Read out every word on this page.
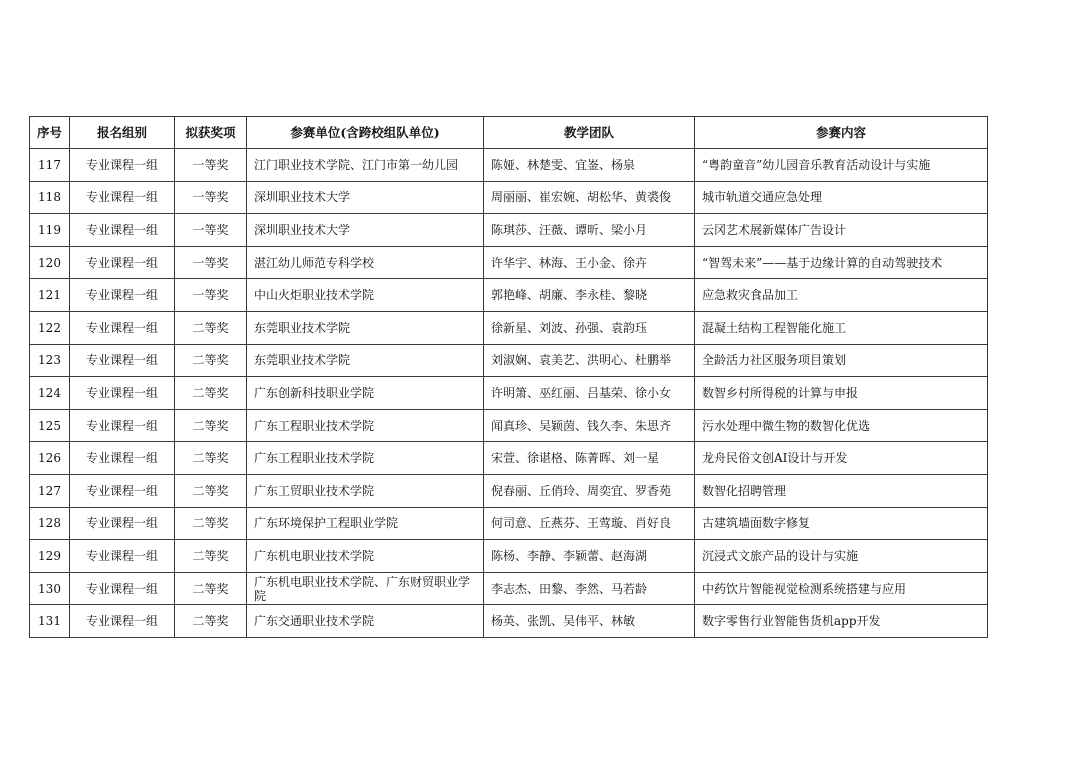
序号	报名组别	拟获奖项	参赛单位(含跨校组队单位)	教学团队	参赛内容
117	专业课程一组	一等奖	江门职业技术学院、江门市第一幼儿园	陈娅、林楚雯、宜崟、杨泉	“粤韵童音”幼儿园音乐教育活动设计与实施
118	专业课程一组	一等奖	深圳职业技术大学	周丽丽、崔宏婉、胡松华、黄裘俊	城市轨道交通应急处理
119	专业课程一组	一等奖	深圳职业技术大学	陈琪莎、汪薇、谭昕、梁小月	云冈艺术展新媒体广告设计
120	专业课程一组	一等奖	湛江幼儿师范专科学校	许华宇、林海、王小金、徐卉	“智驾未来”——基于边缘计算的自动驾驶技术
121	专业课程一组	一等奖	中山火炬职业技术学院	郭艳峰、胡廉、李永桂、黎晓	应急救灾食品加工
122	专业课程一组	二等奖	东莞职业技术学院	徐新星、刘波、孙强、袁韵珏	混凝土结构工程智能化施工
123	专业课程一组	二等奖	东莞职业技术学院	刘淑娴、袁美艺、洪明心、杜鹏举	全龄活力社区服务项目策划
124	专业课程一组	二等奖	广东创新科技职业学院	许明箫、巫红丽、吕基荣、徐小女	数智乡村所得税的计算与申报
125	专业课程一组	二等奖	广东工程职业技术学院	闻真珍、吴颖茵、钱久李、朱思齐	污水处理中微生物的数智化优选
126	专业课程一组	二等奖	广东工程职业技术学院	宋萱、徐谌格、陈菁晖、刘一星	龙舟民俗文创AI设计与开发
127	专业课程一组	二等奖	广东工贸职业技术学院	倪春丽、丘俏玲、周奕宜、罗香苑	数智化招聘管理
128	专业课程一组	二等奖	广东环境保护工程职业学院	何司意、丘燕芬、王莺璇、肖好良	古建筑墙面数字修复
129	专业课程一组	二等奖	广东机电职业技术学院	陈杨、李静、李颖蕾、赵海湖	沉浸式文旅产品的设计与实施
130	专业课程一组	二等奖	广东机电职业技术学院、广东财贸职业学院	李志杰、田黎、李然、马若龄	中药饮片智能视觉检测系统搭建与应用
131	专业课程一组	二等奖	广东交通职业技术学院	杨英、张凯、吴伟平、林敏	数字零售行业智能售货机app开发
